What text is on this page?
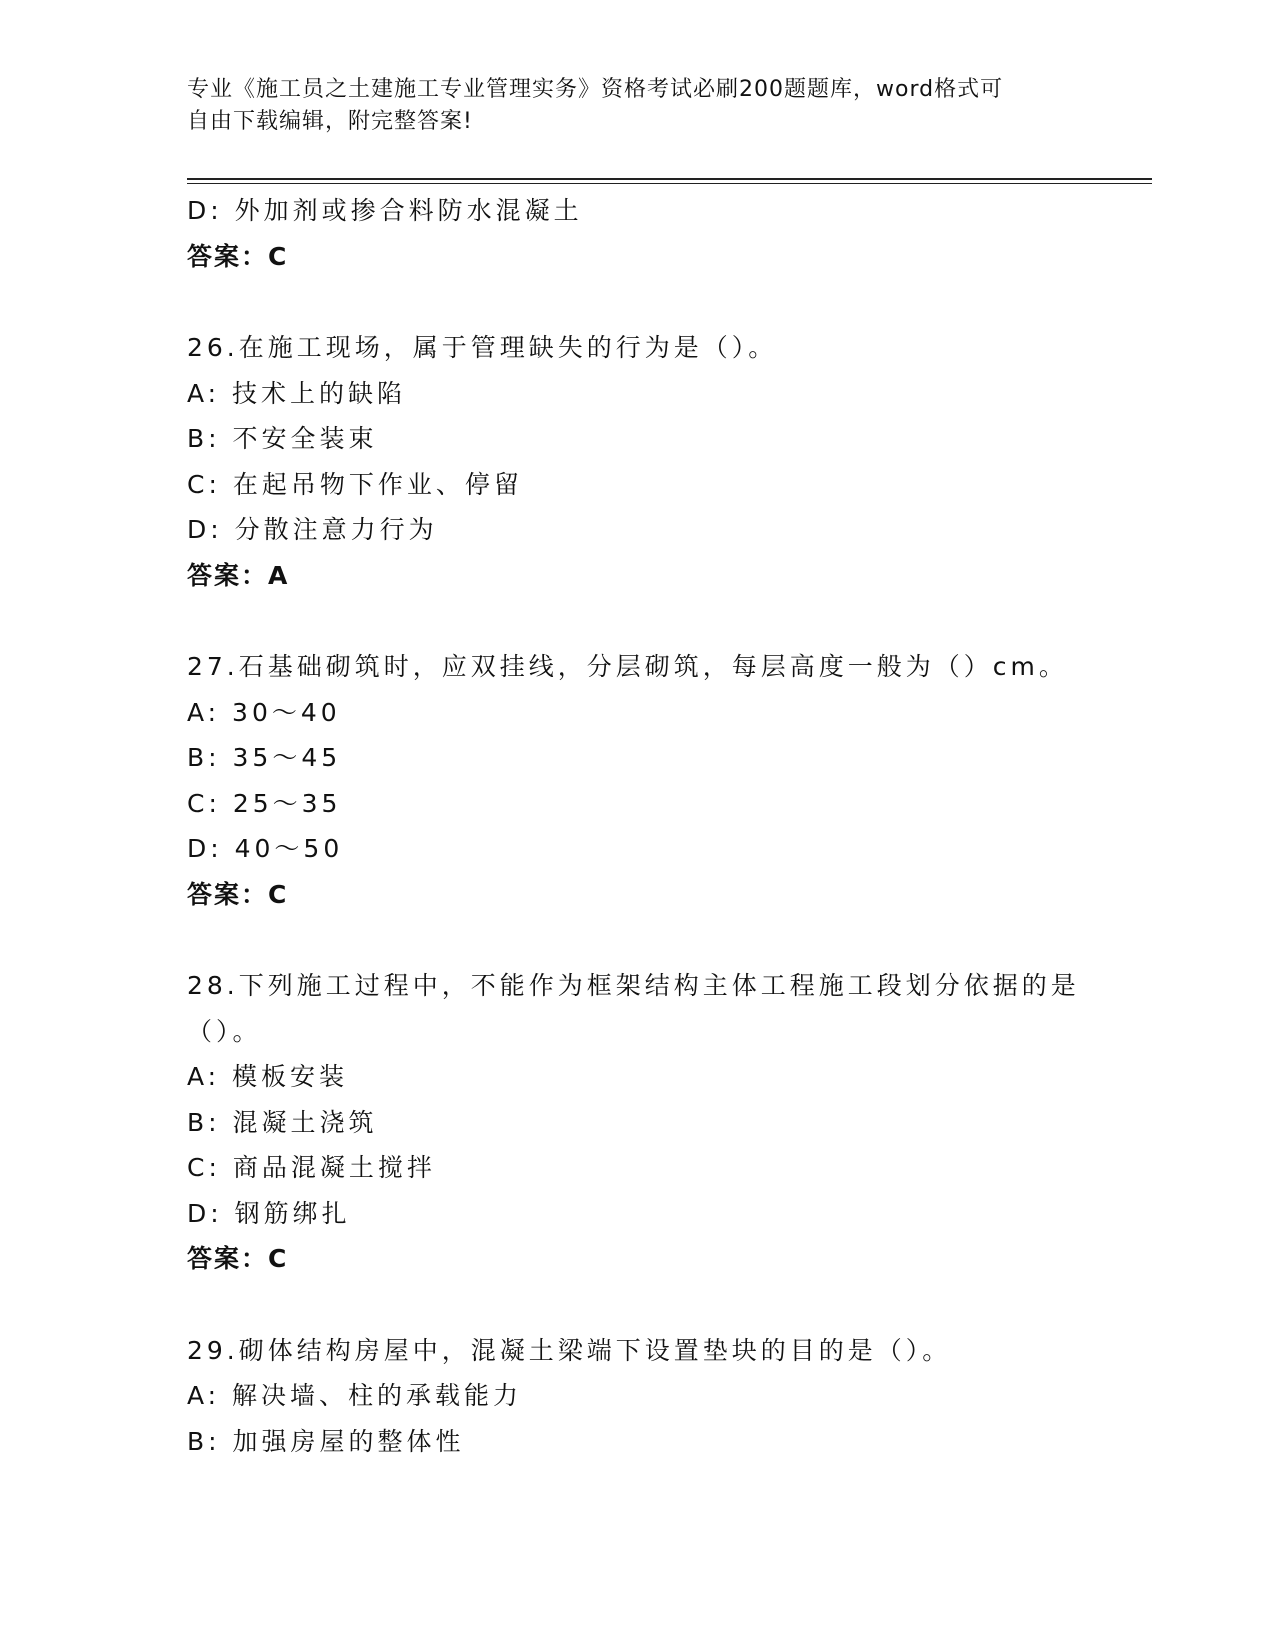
专业《施工员之土建施工专业管理实务》资格考试必刷200题题库，word格式可
自由下载编辑，附完整答案!
D: 外加剂或掺合料防水混凝土
答案：C
26.在施工现场，属于管理缺失的行为是（）。
A: 技术上的缺陷
B: 不安全装束
C: 在起吊物下作业、停留
D: 分散注意力行为
答案：A
27.石基础砌筑时，应双挂线，分层砌筑，每层高度一般为（）cm。
A: 30～40
B: 35～45
C: 25～35
D: 40～50
答案：C
28.下列施工过程中，不能作为框架结构主体工程施工段划分依据的是
（）。
A: 模板安装
B: 混凝土浇筑
C: 商品混凝土搅拌
D: 钢筋绑扎
答案：C
29.砌体结构房屋中，混凝土梁端下设置垫块的目的是（）。
A: 解决墙、柱的承载能力
B: 加强房屋的整体性
